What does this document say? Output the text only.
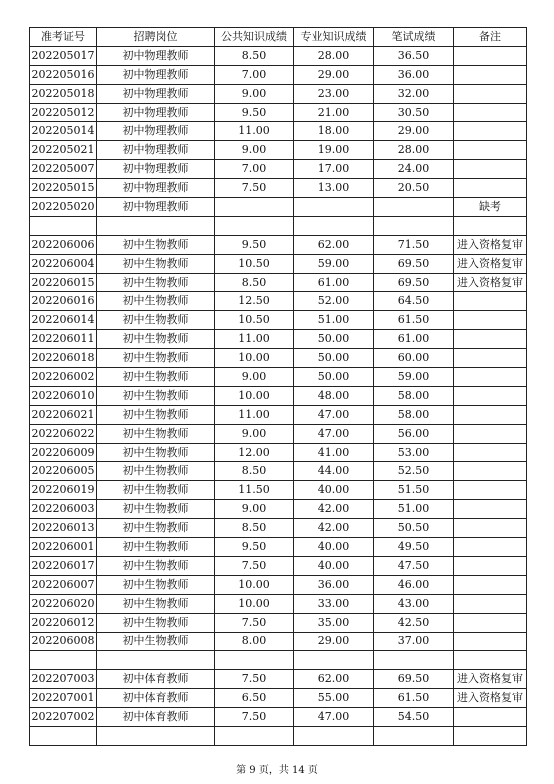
准考证号	招聘岗位	公共知识成绩	专业知识成绩	笔试成绩	备注
202205017	初中物理教师	8.50	28.00	36.50	
202205016	初中物理教师	7.00	29.00	36.00	
202205018	初中物理教师	9.00	23.00	32.00	
202205012	初中物理教师	9.50	21.00	30.50	
202205014	初中物理教师	11.00	18.00	29.00	
202205021	初中物理教师	9.00	19.00	28.00	
202205007	初中物理教师	7.00	17.00	24.00	
202205015	初中物理教师	7.50	13.00	20.50	
202205020	初中物理教师				缺考

202206006	初中生物教师	9.50	62.00	71.50	进入资格复审
202206004	初中生物教师	10.50	59.00	69.50	进入资格复审
202206015	初中生物教师	8.50	61.00	69.50	进入资格复审
202206016	初中生物教师	12.50	52.00	64.50	
202206014	初中生物教师	10.50	51.00	61.50	
202206011	初中生物教师	11.00	50.00	61.00	
202206018	初中生物教师	10.00	50.00	60.00	
202206002	初中生物教师	9.00	50.00	59.00	
202206010	初中生物教师	10.00	48.00	58.00	
202206021	初中生物教师	11.00	47.00	58.00	
202206022	初中生物教师	9.00	47.00	56.00	
202206009	初中生物教师	12.00	41.00	53.00	
202206005	初中生物教师	8.50	44.00	52.50	
202206019	初中生物教师	11.50	40.00	51.50	
202206003	初中生物教师	9.00	42.00	51.00	
202206013	初中生物教师	8.50	42.00	50.50	
202206001	初中生物教师	9.50	40.00	49.50	
202206017	初中生物教师	7.50	40.00	47.50	
202206007	初中生物教师	10.00	36.00	46.00	
202206020	初中生物教师	10.00	33.00	43.00	
202206012	初中生物教师	7.50	35.00	42.50	
202206008	初中生物教师	8.00	29.00	37.00	

202207003	初中体育教师	7.50	62.00	69.50	进入资格复审
202207001	初中体育教师	6.50	55.00	61.50	进入资格复审
202207002	初中体育教师	7.50	47.00	54.50	

第 9 页，共 14 页
